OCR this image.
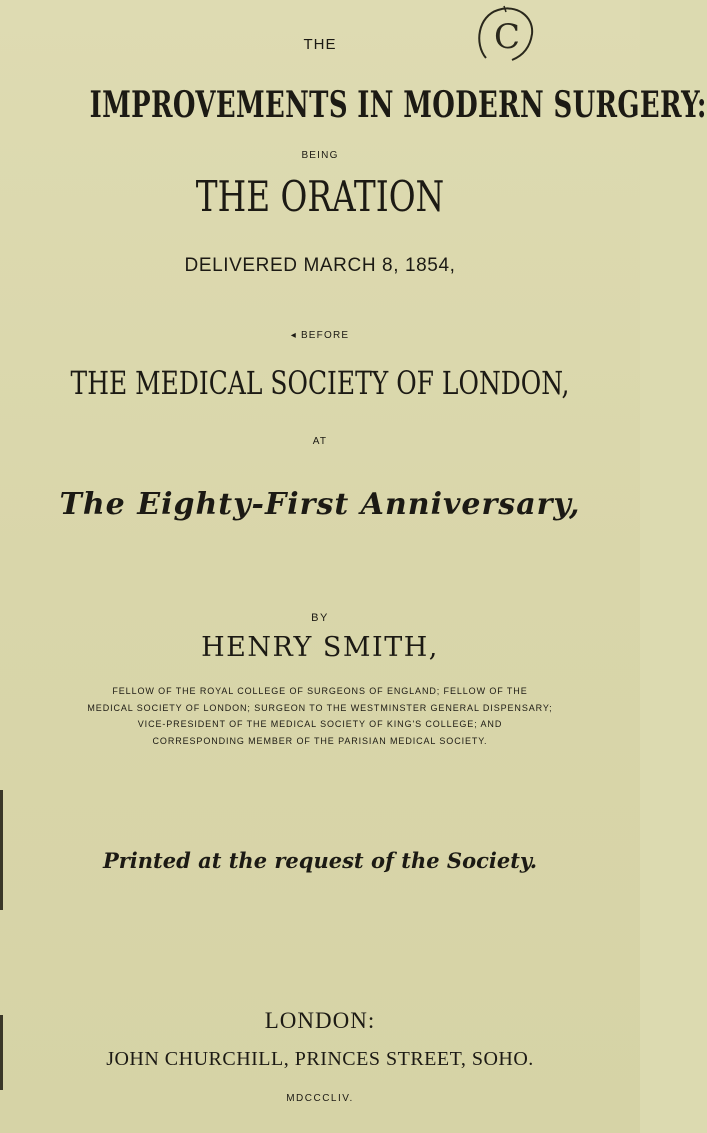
C
THE
IMPROVEMENTS IN MODERN SURGERY:
BEING
THE ORATION
DELIVERED MARCH 8, 1854,
◂ BEFORE
THE MEDICAL SOCIETY OF LONDON,
AT
The Eighty-First Anniversary,
BY
HENRY SMITH,
FELLOW OF THE ROYAL COLLEGE OF SURGEONS OF ENGLAND; FELLOW OF THE
MEDICAL SOCIETY OF LONDON; SURGEON TO THE WESTMINSTER GENERAL DISPENSARY;
VICE-PRESIDENT OF THE MEDICAL SOCIETY OF KING'S COLLEGE; AND
CORRESPONDING MEMBER OF THE PARISIAN MEDICAL SOCIETY.
Printed at the request of the Society.
LONDON:
JOHN CHURCHILL, PRINCES STREET, SOHO.
MDCCCLIV.
